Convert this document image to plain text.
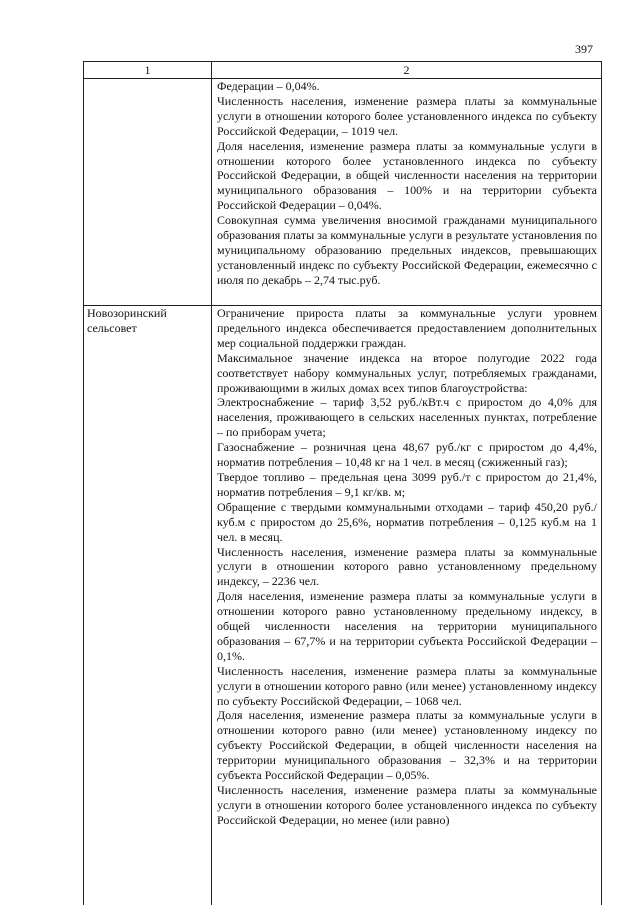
397
1	2

Федерации – 0,04%.

Численность населения, изменение размера платы за коммунальные услуги в отношении которого более установленного индекса по субъекту Российской Федерации, – 1019 чел.

Доля населения, изменение размера платы за коммунальные услуги в отношении которого более установленного индекса по субъекту Российской Федерации, в общей численности населения на территории муниципального образования – 100% и на территории субъекта Российской Федерации – 0,04%.

Совокупная сумма увеличения вносимой гражданами муниципального образования платы за коммунальные услуги в результате установления по муниципальному образованию предельных индексов, превышающих установленный индекс по субъекту Российской Федерации, ежемесячно с июля по декабрь – 2,74 тыс.руб.

Новозоринский сельсовет

Ограничение прироста платы за коммунальные услуги уровнем предельного индекса обеспечивается предоставлением дополнительных мер социальной поддержки граждан.

Максимальное значение индекса на второе полугодие 2022 года соответствует набору коммунальных услуг, потребляемых гражданами, проживающими в жилых домах всех типов благоустройства:

Электроснабжение – тариф 3,52 руб./кВт.ч с приростом до 4,0% для населения, проживающего в сельских населенных пунктах, потребление – по приборам учета;

Газоснабжение – розничная цена 48,67 руб./кг с приростом до 4,4%, норматив потребления – 10,48 кг на 1 чел. в месяц (сжиженный газ);

Твердое топливо – предельная цена 3099 руб./т с приростом до 21,4%, норматив потребления – 9,1 кг/кв. м;

Обращение с твердыми коммунальными отходами – тариф 450,20 руб./куб.м с приростом до 25,6%, норматив потребления – 0,125 куб.м на 1 чел. в месяц.

Численность населения, изменение размера платы за коммунальные услуги в отношении которого равно установленному предельному индексу, – 2236 чел.

Доля населения, изменение размера платы за коммунальные услуги в отношении которого равно установленному предельному индексу, в общей численности населения на территории муниципального образования – 67,7% и на территории субъекта Российской Федерации – 0,1%.

Численность населения, изменение размера платы за коммунальные услуги в отношении которого равно (или менее) установленному индексу по субъекту Российской Федерации, – 1068 чел.

Доля населения, изменение размера платы за коммунальные услуги в отношении которого равно (или менее) установленному индексу по субъекту Российской Федерации, в общей численности населения на территории муниципального образования – 32,3% и на территории субъекта Российской Федерации – 0,05%.

Численность населения, изменение размера платы за коммунальные услуги в отношении которого более установленного индекса по субъекту Российской Федерации, но менее (или равно)
